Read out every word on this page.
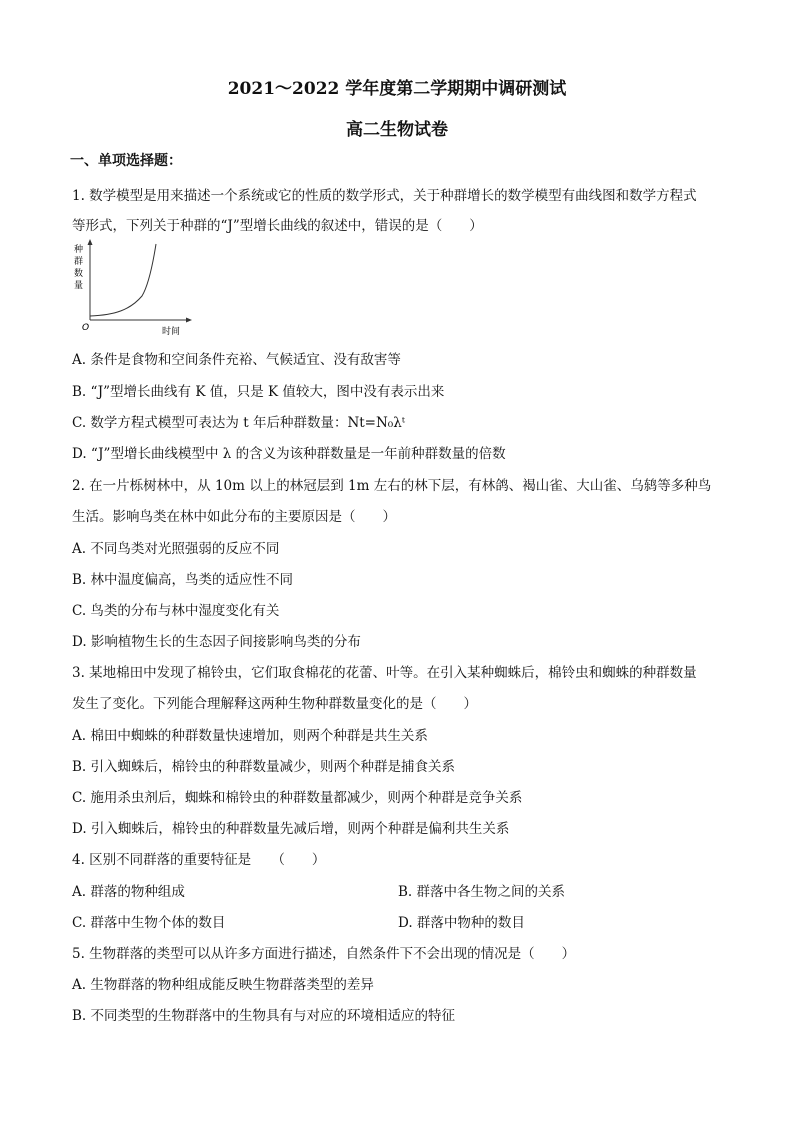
2021～2022 学年度第二学期期中调研测试
高二生物试卷
一、单项选择题：
1. 数学模型是用来描述一个系统或它的性质的数学形式，关于种群增长的数学模型有曲线图和数学方程式
等形式，下列关于种群的“J”型增长曲线的叙述中，错误的是（　　）
种
群
数
量
O	时间
A. 条件是食物和空间条件充裕、气候适宜、没有敌害等
B. “J”型增长曲线有 K 值，只是 K 值较大，图中没有表示出来
C. 数学方程式模型可表达为 t 年后种群数量：Nt=N₀λᵗ
D. “J”型增长曲线模型中 λ 的含义为该种群数量是一年前种群数量的倍数
2. 在一片栎树林中，从 10m 以上的林冠层到 1m 左右的林下层，有林鸽、褐山雀、大山雀、乌鸫等多种鸟
生活。影响鸟类在林中如此分布的主要原因是（　　）
A. 不同鸟类对光照强弱的反应不同
B. 林中温度偏高，鸟类的适应性不同
C. 鸟类的分布与林中湿度变化有关
D. 影响植物生长的生态因子间接影响鸟类的分布
3. 某地棉田中发现了棉铃虫，它们取食棉花的花蕾、叶等。在引入某种蜘蛛后，棉铃虫和蜘蛛的种群数量
发生了变化。下列能合理解释这两种生物种群数量变化的是（　　）
A. 棉田中蜘蛛的种群数量快速增加，则两个种群是共生关系
B. 引入蜘蛛后，棉铃虫的种群数量减少，则两个种群是捕食关系
C. 施用杀虫剂后，蜘蛛和棉铃虫的种群数量都减少，则两个种群是竞争关系
D. 引入蜘蛛后，棉铃虫的种群数量先减后增，则两个种群是偏利共生关系
4. 区别不同群落的重要特征是　　（　　）
A. 群落的物种组成	B. 群落中各生物之间的关系
C. 群落中生物个体的数目	D. 群落中物种的数目
5. 生物群落的类型可以从许多方面进行描述，自然条件下不会出现的情况是（　　）
A. 生物群落的物种组成能反映生物群落类型的差异
B. 不同类型的生物群落中的生物具有与对应的环境相适应的特征
